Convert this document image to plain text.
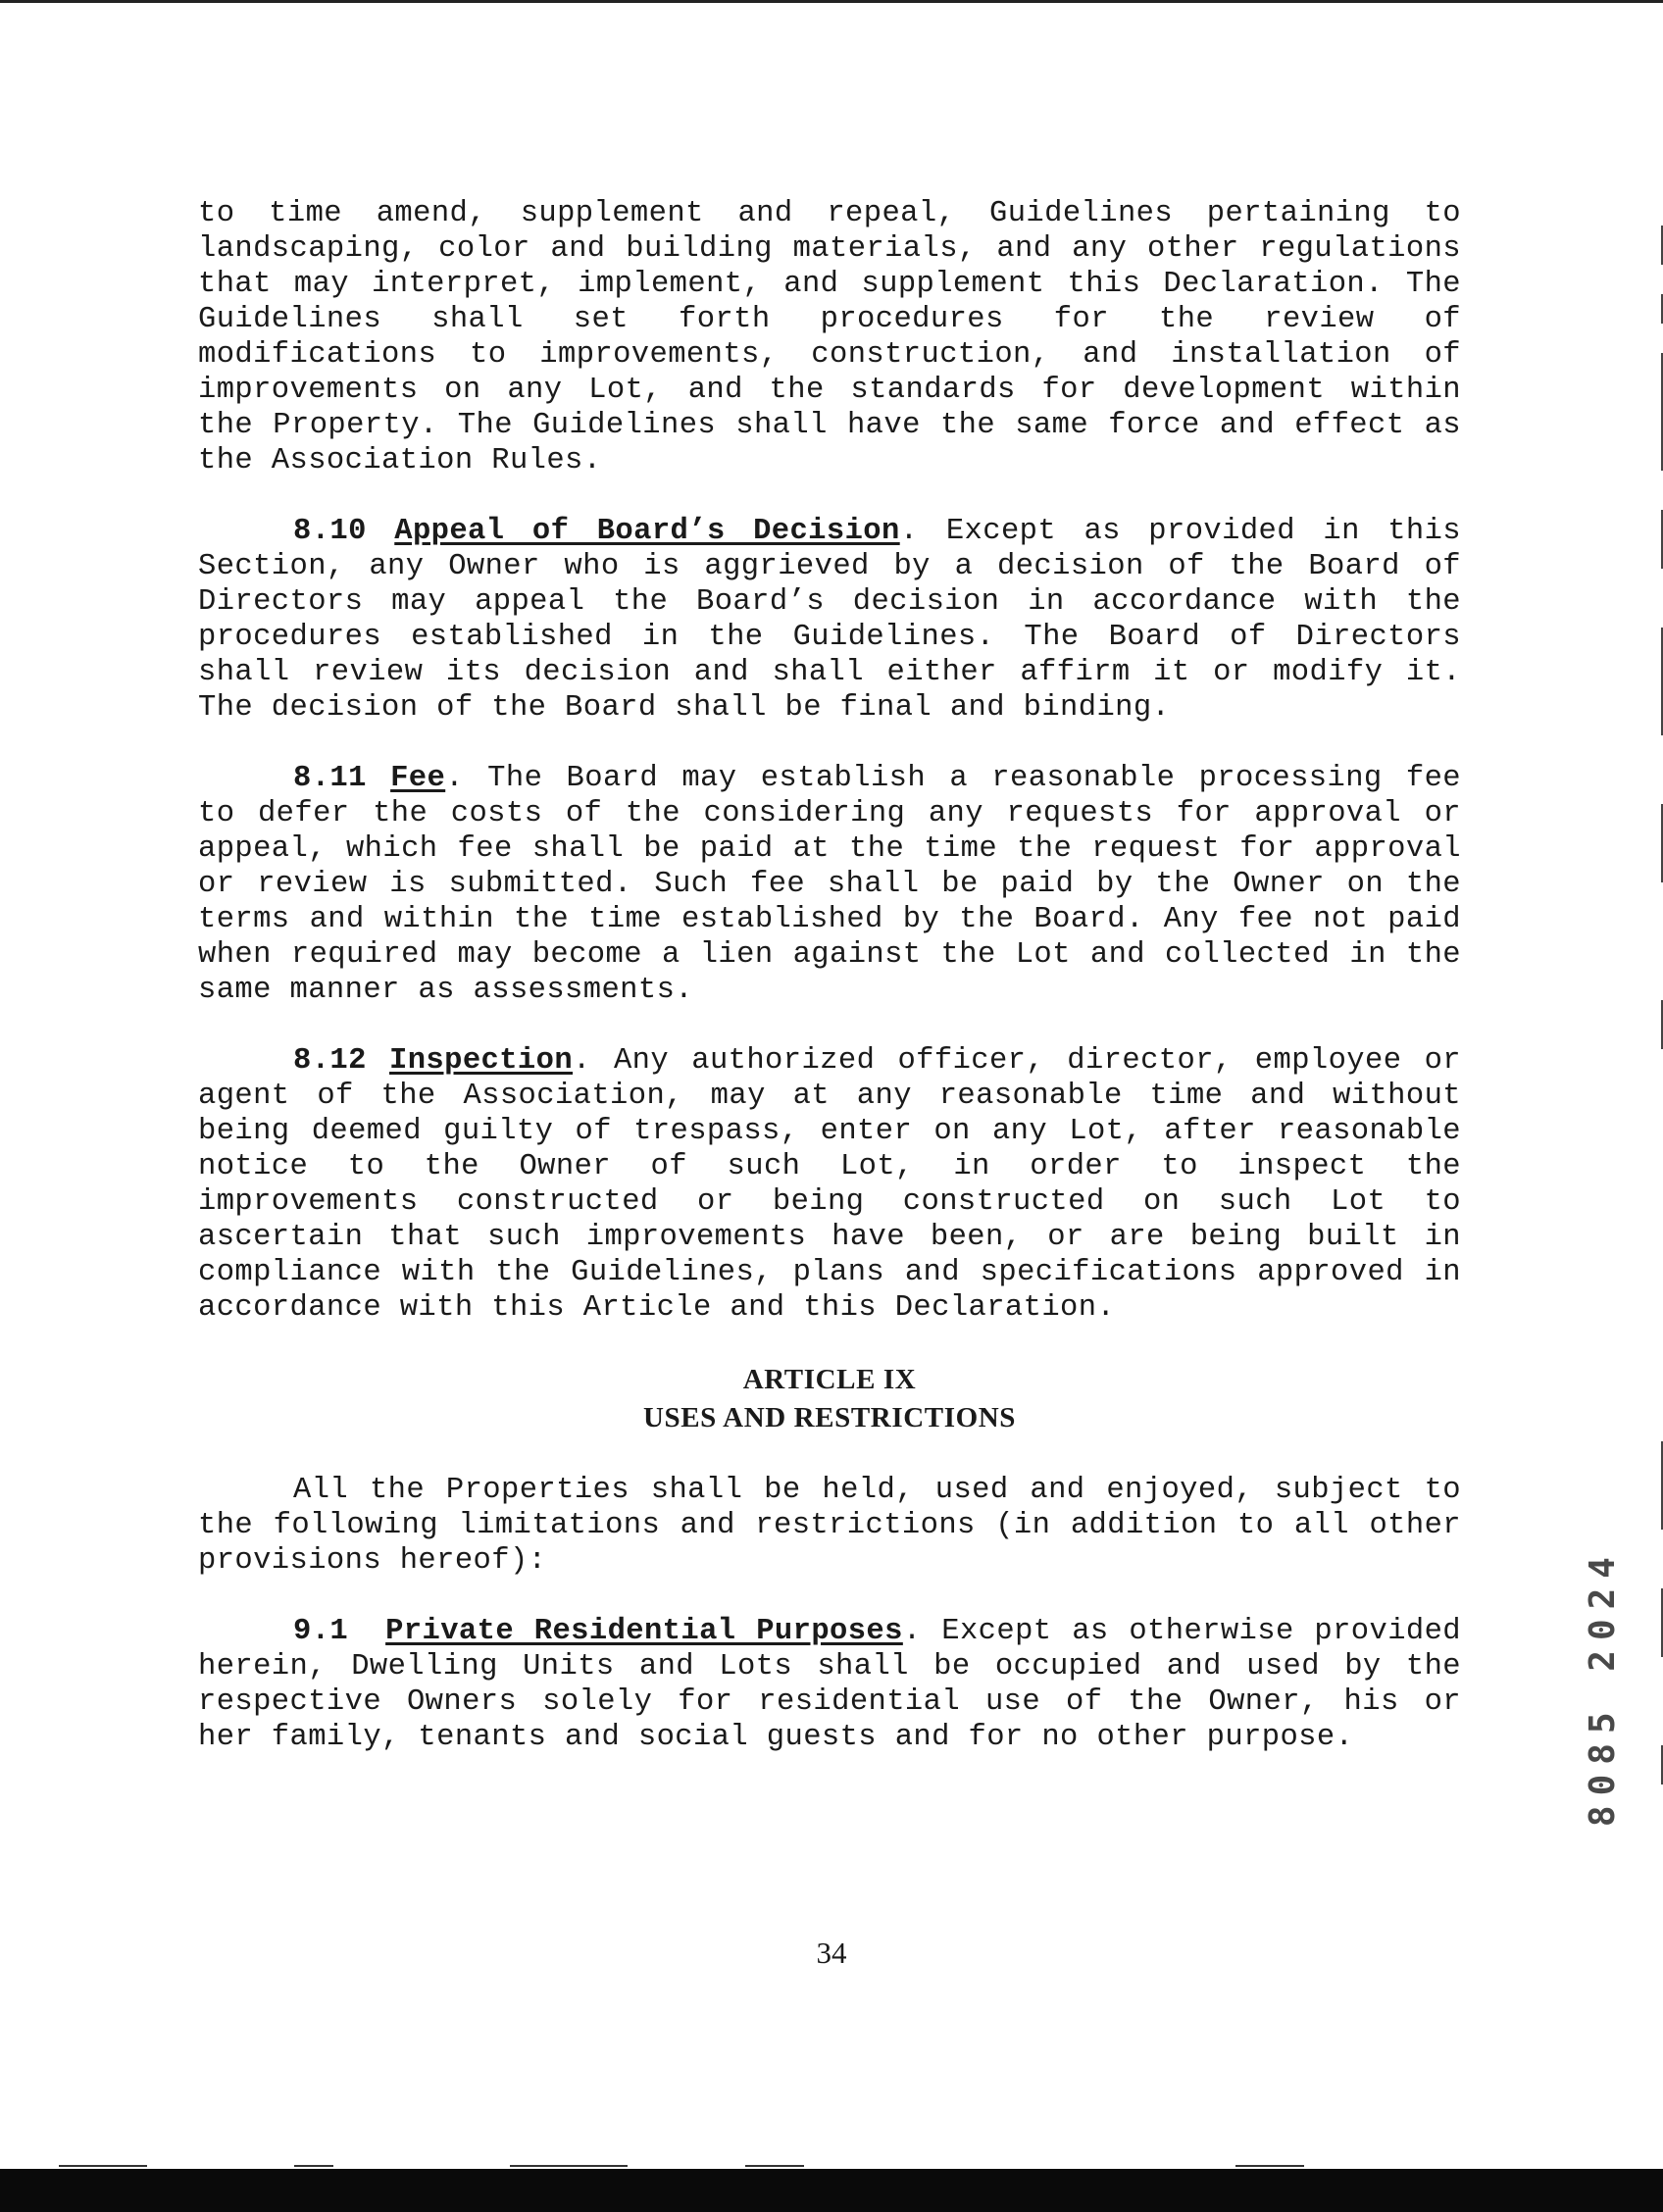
to time amend, supplement and repeal, Guidelines pertaining to landscaping, color and building materials, and any other regulations that may interpret, implement, and supplement this Declaration. The Guidelines shall set forth procedures for the review of modifications to improvements, construction, and installation of improvements on any Lot, and the standards for development within the Property. The Guidelines shall have the same force and effect as the Association Rules.

8.10 Appeal of Board’s Decision. Except as provided in this Section, any Owner who is aggrieved by a decision of the Board of Directors may appeal the Board’s decision in accordance with the procedures established in the Guidelines. The Board of Directors shall review its decision and shall either affirm it or modify it. The decision of the Board shall be final and binding.

8.11 Fee. The Board may establish a reasonable processing fee to defer the costs of the considering any requests for approval or appeal, which fee shall be paid at the time the request for approval or review is submitted. Such fee shall be paid by the Owner on the terms and within the time established by the Board. Any fee not paid when required may become a lien against the Lot and collected in the same manner as assessments.

8.12 Inspection. Any authorized officer, director, employee or agent of the Association, may at any reasonable time and without being deemed guilty of trespass, enter on any Lot, after reasonable notice to the Owner of such Lot, in order to inspect the improvements constructed or being constructed on such Lot to ascertain that such improvements have been, or are being built in compliance with the Guidelines, plans and specifications approved in accordance with this Article and this Declaration.

ARTICLE IX
USES AND RESTRICTIONS

All the Properties shall be held, used and enjoyed, subject to the following limitations and restrictions (in addition to all other provisions hereof):

9.1 Private Residential Purposes. Except as otherwise provided herein, Dwelling Units and Lots shall be occupied and used by the respective Owners solely for residential use of the Owner, his or her family, tenants and social guests and for no other purpose.

34
8085 2024
